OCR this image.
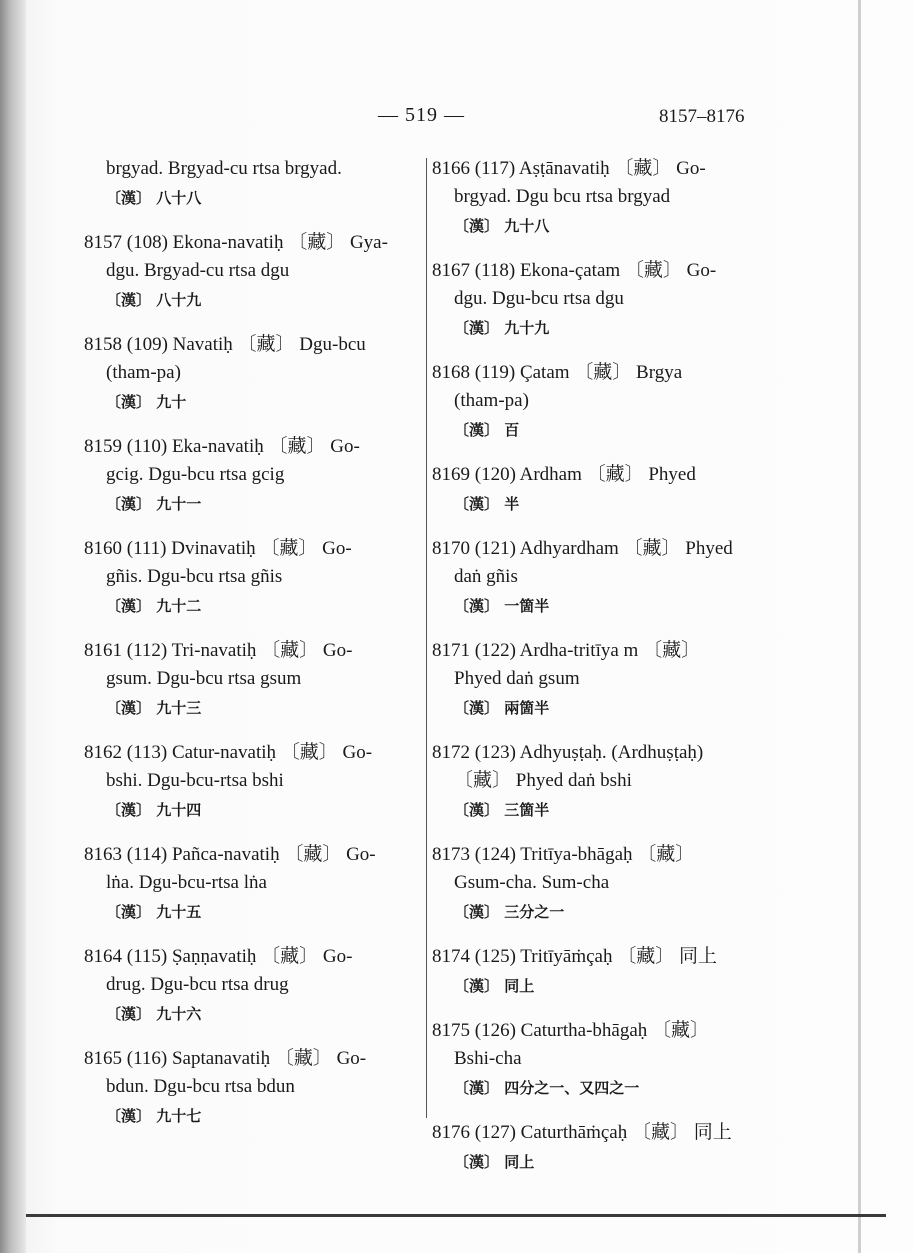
— 519 —	8157–8176
brgyad. Brgyad-cu rtsa brgyad.
〔漢〕 八十八
8157 (108) Ekona-navatiḥ 〔藏〕 Gya-
dgu. Brgyad-cu rtsa dgu
〔漢〕 八十九
8158 (109) Navatiḥ 〔藏〕 Dgu-bcu
(tham-pa)
〔漢〕 九十
8159 (110) Eka-navatiḥ 〔藏〕 Go-
gcig. Dgu-bcu rtsa gcig
〔漢〕 九十一
8160 (111) Dvinavatiḥ 〔藏〕 Go-
gñis. Dgu-bcu rtsa gñis
〔漢〕 九十二
8161 (112) Tri-navatiḥ 〔藏〕 Go-
gsum. Dgu-bcu rtsa gsum
〔漢〕 九十三
8162 (113) Catur-navatiḥ 〔藏〕 Go-
bshi. Dgu-bcu-rtsa bshi
〔漢〕 九十四
8163 (114) Pañca-navatiḥ 〔藏〕 Go-
lṅa. Dgu-bcu-rtsa lṅa
〔漢〕 九十五
8164 (115) Ṣaṇṇavatiḥ 〔藏〕 Go-
drug. Dgu-bcu rtsa drug
〔漢〕 九十六
8165 (116) Saptanavatiḥ 〔藏〕 Go-
bdun. Dgu-bcu rtsa bdun
〔漢〕 九十七
8166 (117) Aṣṭānavatiḥ 〔藏〕 Go-
brgyad. Dgu bcu rtsa brgyad
〔漢〕 九十八
8167 (118) Ekona-çatam 〔藏〕 Go-
dgu. Dgu-bcu rtsa dgu
〔漢〕 九十九
8168 (119) Çatam 〔藏〕 Brgya
(tham-pa)
〔漢〕 百
8169 (120) Ardham 〔藏〕 Phyed
〔漢〕 半
8170 (121) Adhyardham 〔藏〕 Phyed
daṅ gñis
〔漢〕 一箇半
8171 (122) Ardha-tritīya m 〔藏〕
Phyed daṅ gsum
〔漢〕 兩箇半
8172 (123) Adhyuṣṭaḥ. (Ardhuṣṭaḥ)
〔藏〕 Phyed daṅ bshi
〔漢〕 三箇半
8173 (124) Tritīya-bhāgaḥ 〔藏〕
Gsum-cha. Sum-cha
〔漢〕 三分之一
8174 (125) Tritīyāṁçaḥ 〔藏〕 同上
〔漢〕 同上
8175 (126) Caturtha-bhāgaḥ 〔藏〕
Bshi-cha
〔漢〕 四分之一、又四之一
8176 (127) Caturthāṁçaḥ 〔藏〕 同上
〔漢〕 同上
